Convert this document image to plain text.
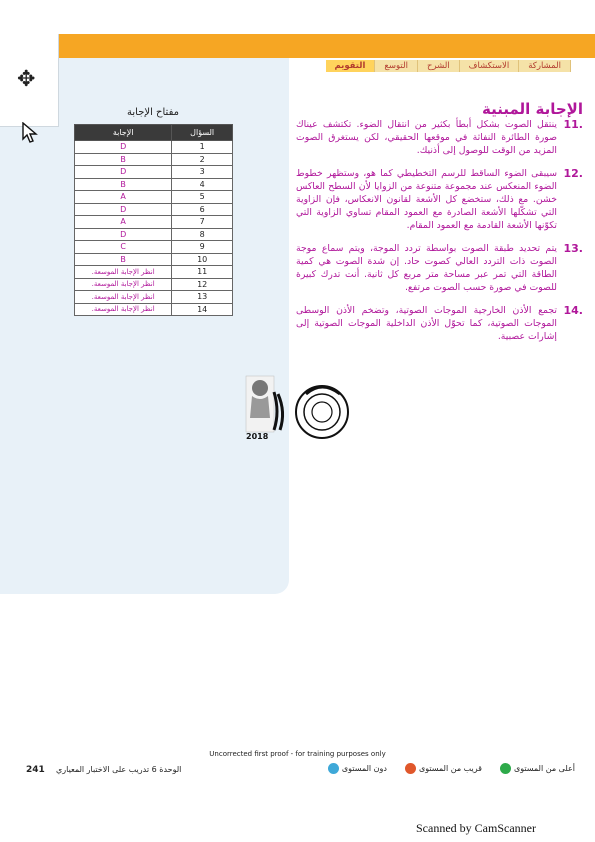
✥
المشاركة
الاستكشاف
الشرح
التوسع
التقويم
مفتاح الإجابة
السؤال	الإجابة
1	D
2	B
3	D
4	B
5	A
6	D
7	A
8	D
9	C
10	B
11	انظر الإجابة الموسعة.
12	انظر الإجابة الموسعة.
13	انظر الإجابة الموسعة.
14	انظر الإجابة الموسعة.
الإجابة المبنية
11.
ينتقل الصوت بشكل أبطأ بكثير من انتقال الضوء. تكتشف عيناك صورة الطائرة النفاثة في موقعها الحقيقي، لكن يستغرق الصوت المزيد من الوقت للوصول إلى أذنيك.
12.
سيبقى الضوء الساقط للرسم التخطيطي كما هو، وستظهر خطوط الضوء المنعكس عند مجموعة متنوعة من الزوايا لأن السطح العاكس خشن. مع ذلك، ستخضع كل الأشعة لقانون الانعكاس، فإن الزاوية التي تشكّلها الأشعة الصادرة مع العمود المقام تساوي الزاوية التي تكوّنها الأشعة القادمة مع العمود المقام.
13.
يتم تحديد طبقة الصوت بواسطة تردد الموجة، ويتم سماع موجة الصوت ذات التردد العالي كصوت حاد. إن شدة الصوت هي كمية الطاقة التي تمر عبر مساحة متر مربع كل ثانية. أنت تدرك كبيرة للصوت في صورة حسب الصوت مرتفع.
14.
تجمع الأذن الخارجية الموجات الصوتية، وتضخم الأذن الوسطى الموجات الصوتية، كما تحوّل الأذن الداخلية الموجات الصوتية إلى إشارات عصبية.
2018
Uncorrected first proof - for training purposes only
241 الوحدة 6 تدريب على الاختبار المعياري	دون المستوى	قريب من المستوى	أعلى من المستوى
Scanned by CamScanner
